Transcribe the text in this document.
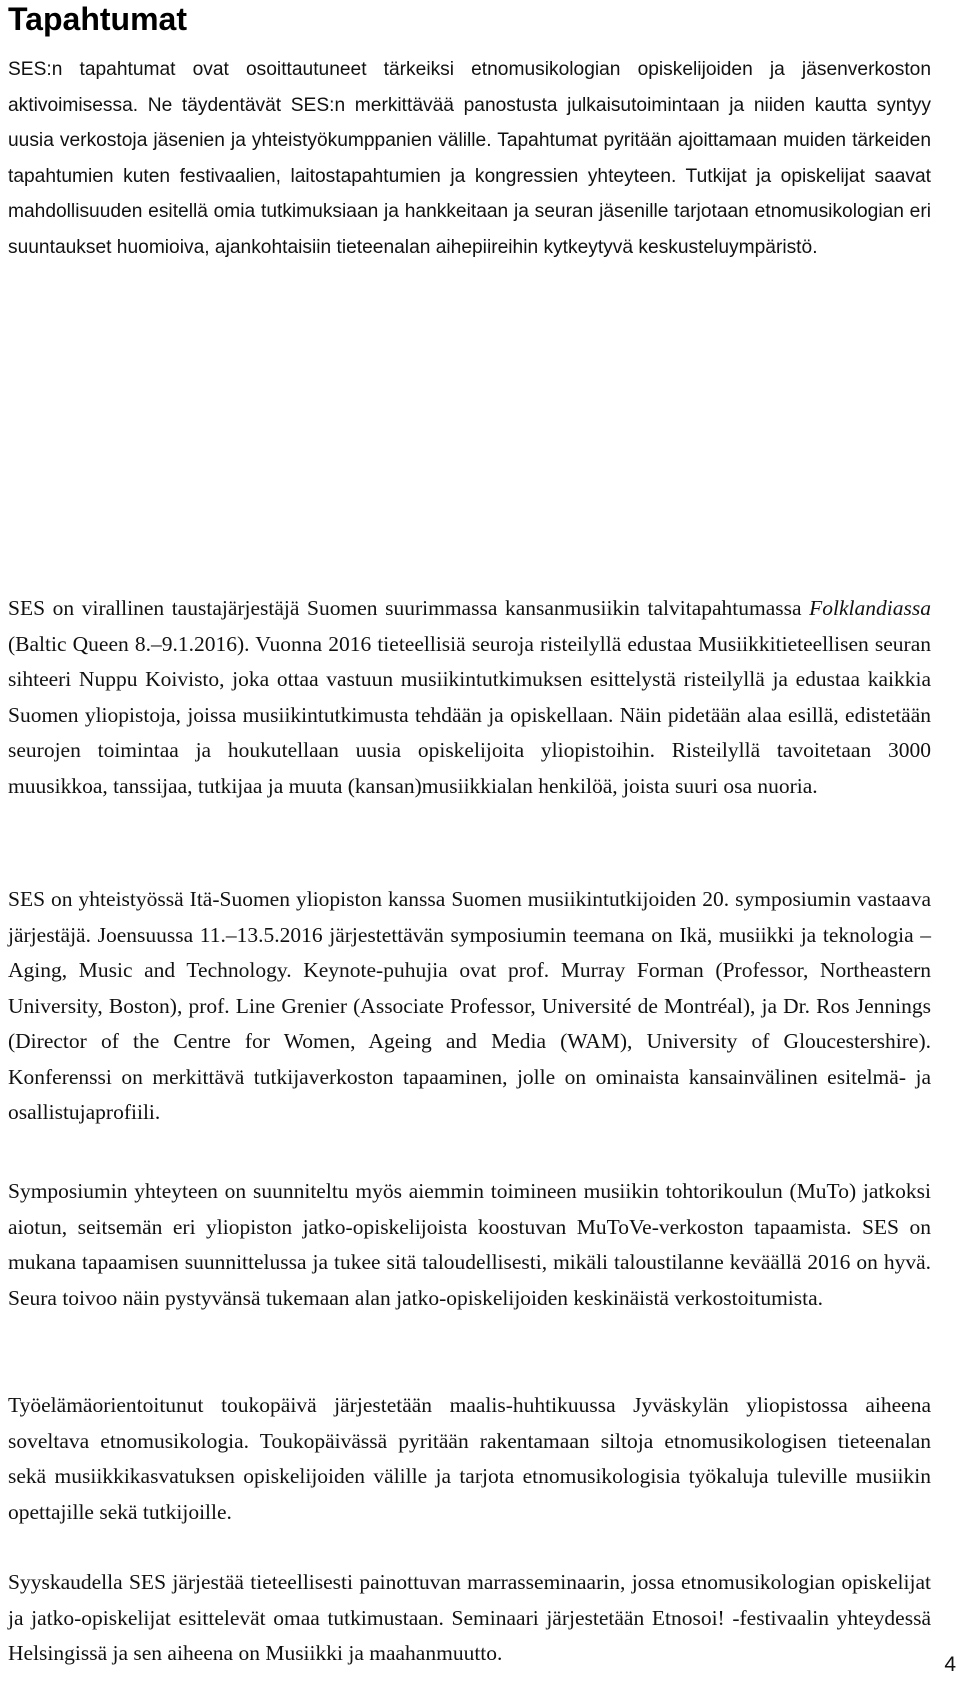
Tapahtumat

SES:n tapahtumat ovat osoittautuneet tärkeiksi etnomusikologian opiskelijoiden ja jäsenverkoston aktivoimisessa. Ne täydentävät SES:n merkittävää panostusta julkaisutoimintaan ja niiden kautta syntyy uusia verkostoja jäsenien ja yhteistyökumppanien välille. Tapahtumat pyritään ajoittamaan muiden tärkeiden tapahtumien kuten festivaalien, laitostapahtumien ja kongressien yhteyteen. Tutkijat ja opiskelijat saavat mahdollisuuden esitellä omia tutkimuksiaan ja hankkeitaan ja seuran jäsenille tarjotaan etnomusikologian eri suuntaukset huomioiva, ajankohtaisiin tieteenalan aihepiireihin kytkeytyvä keskusteluympäristö.

SES on virallinen taustajärjestäjä Suomen suurimmassa kansanmusiikin talvitapahtumassa Folklandiassa (Baltic Queen 8.–9.1.2016). Vuonna 2016 tieteellisiä seuroja risteilyllä edustaa Musiikkitieteellisen seuran sihteeri Nuppu Koivisto, joka ottaa vastuun musiikintutkimuksen esittelystä risteilyllä ja edustaa kaikkia Suomen yliopistoja, joissa musiikintutkimusta tehdään ja opiskellaan. Näin pidetään alaa esillä, edistetään seurojen toimintaa ja houkutellaan uusia opiskelijoita yliopistoihin. Risteilyllä tavoitetaan 3000 muusikkoa, tanssijaa, tutkijaa ja muuta (kansan)musiikkialan henkilöä, joista suuri osa nuoria.

SES on yhteistyössä Itä-Suomen yliopiston kanssa Suomen musiikintutkijoiden 20. symposiumin vastaava järjestäjä. Joensuussa 11.–13.5.2016 järjestettävän symposiumin teemana on Ikä, musiikki ja teknologia – Aging, Music and Technology. Keynote-puhujia ovat prof. Murray Forman (Professor, Northeastern University, Boston), prof. Line Grenier (Associate Professor, Université de Montréal), ja Dr. Ros Jennings (Director of the Centre for Women, Ageing and Media (WAM), University of Gloucestershire). Konferenssi on merkittävä tutkijaverkoston tapaaminen, jolle on ominaista kansainvälinen esitelmä- ja osallistujaprofiili.

Symposiumin yhteyteen on suunniteltu myös aiemmin toimineen musiikin tohtorikoulun (MuTo) jatkoksi aiotun, seitsemän eri yliopiston jatko-opiskelijoista koostuvan MuToVe-verkoston tapaamista. SES on mukana tapaamisen suunnittelussa ja tukee sitä taloudellisesti, mikäli taloustilanne keväällä 2016 on hyvä. Seura toivoo näin pystyvänsä tukemaan alan jatko-opiskelijoiden keskinäistä verkostoitumista.

Työelämäorientoitunut toukopäivä järjestetään maalis-huhtikuussa Jyväskylän yliopistossa aiheena soveltava etnomusikologia. Toukopäivässä pyritään rakentamaan siltoja etnomusikologisen tieteenalan sekä musiikkikasvatuksen opiskelijoiden välille ja tarjota etnomusikologisia työkaluja tuleville musiikin opettajille sekä tutkijoille.

Syyskaudella SES järjestää tieteellisesti painottuvan marrasseminaarin, jossa etnomusikologian opiskelijat ja jatko-opiskelijat esittelevät omaa tutkimustaan. Seminaari järjestetään Etnosoi! -festivaalin yhteydessä Helsingissä ja sen aiheena on Musiikki ja maahanmuutto.	4
